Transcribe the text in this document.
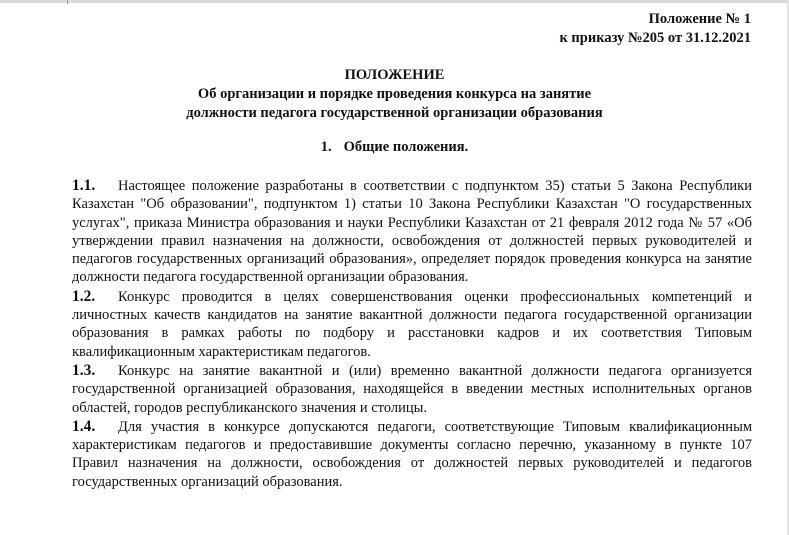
Положение № 1
к приказу №205 от 31.12.2021
ПОЛОЖЕНИЕ
Об организации и порядке проведения конкурса на занятие
должности педагога государственной организации образования
1. Общие положения.

1.1. Настоящее положение разработаны в соответствии с подпунктом 35) статьи 5 Закона Республики Казахстан "Об образовании", подпунктом 1) статьи 10 Закона Республики Казахстан "О государственных услугах", приказа Министра образования и науки Республики Казахстан от 21 февраля 2012 года № 57 «Об утверждении правил назначения на должности, освобождения от должностей первых руководителей и педагогов государственных организаций образования», определяет порядок проведения конкурса на занятие должности педагога государственной организации образования.

1.2. Конкурс проводится в целях совершенствования оценки профессиональных компетенций и личностных качеств кандидатов на занятие вакантной должности педагога государственной организации образования в рамках работы по подбору и расстановки кадров и их соответствия Типовым квалификационным характеристикам педагогов.

1.3. Конкурс на занятие вакантной и (или) временно вакантной должности педагога организуется государственной организацией образования, находящейся в введении местных исполнительных органов областей, городов республиканского значения и столицы.

1.4. Для участия в конкурсе допускаются педагоги, соответствующие Типовым квалификационным характеристикам педагогов и предоставившие документы согласно перечню, указанному в пункте 107 Правил назначения на должности, освобождения от должностей первых руководителей и педагогов государственных организаций образования.
